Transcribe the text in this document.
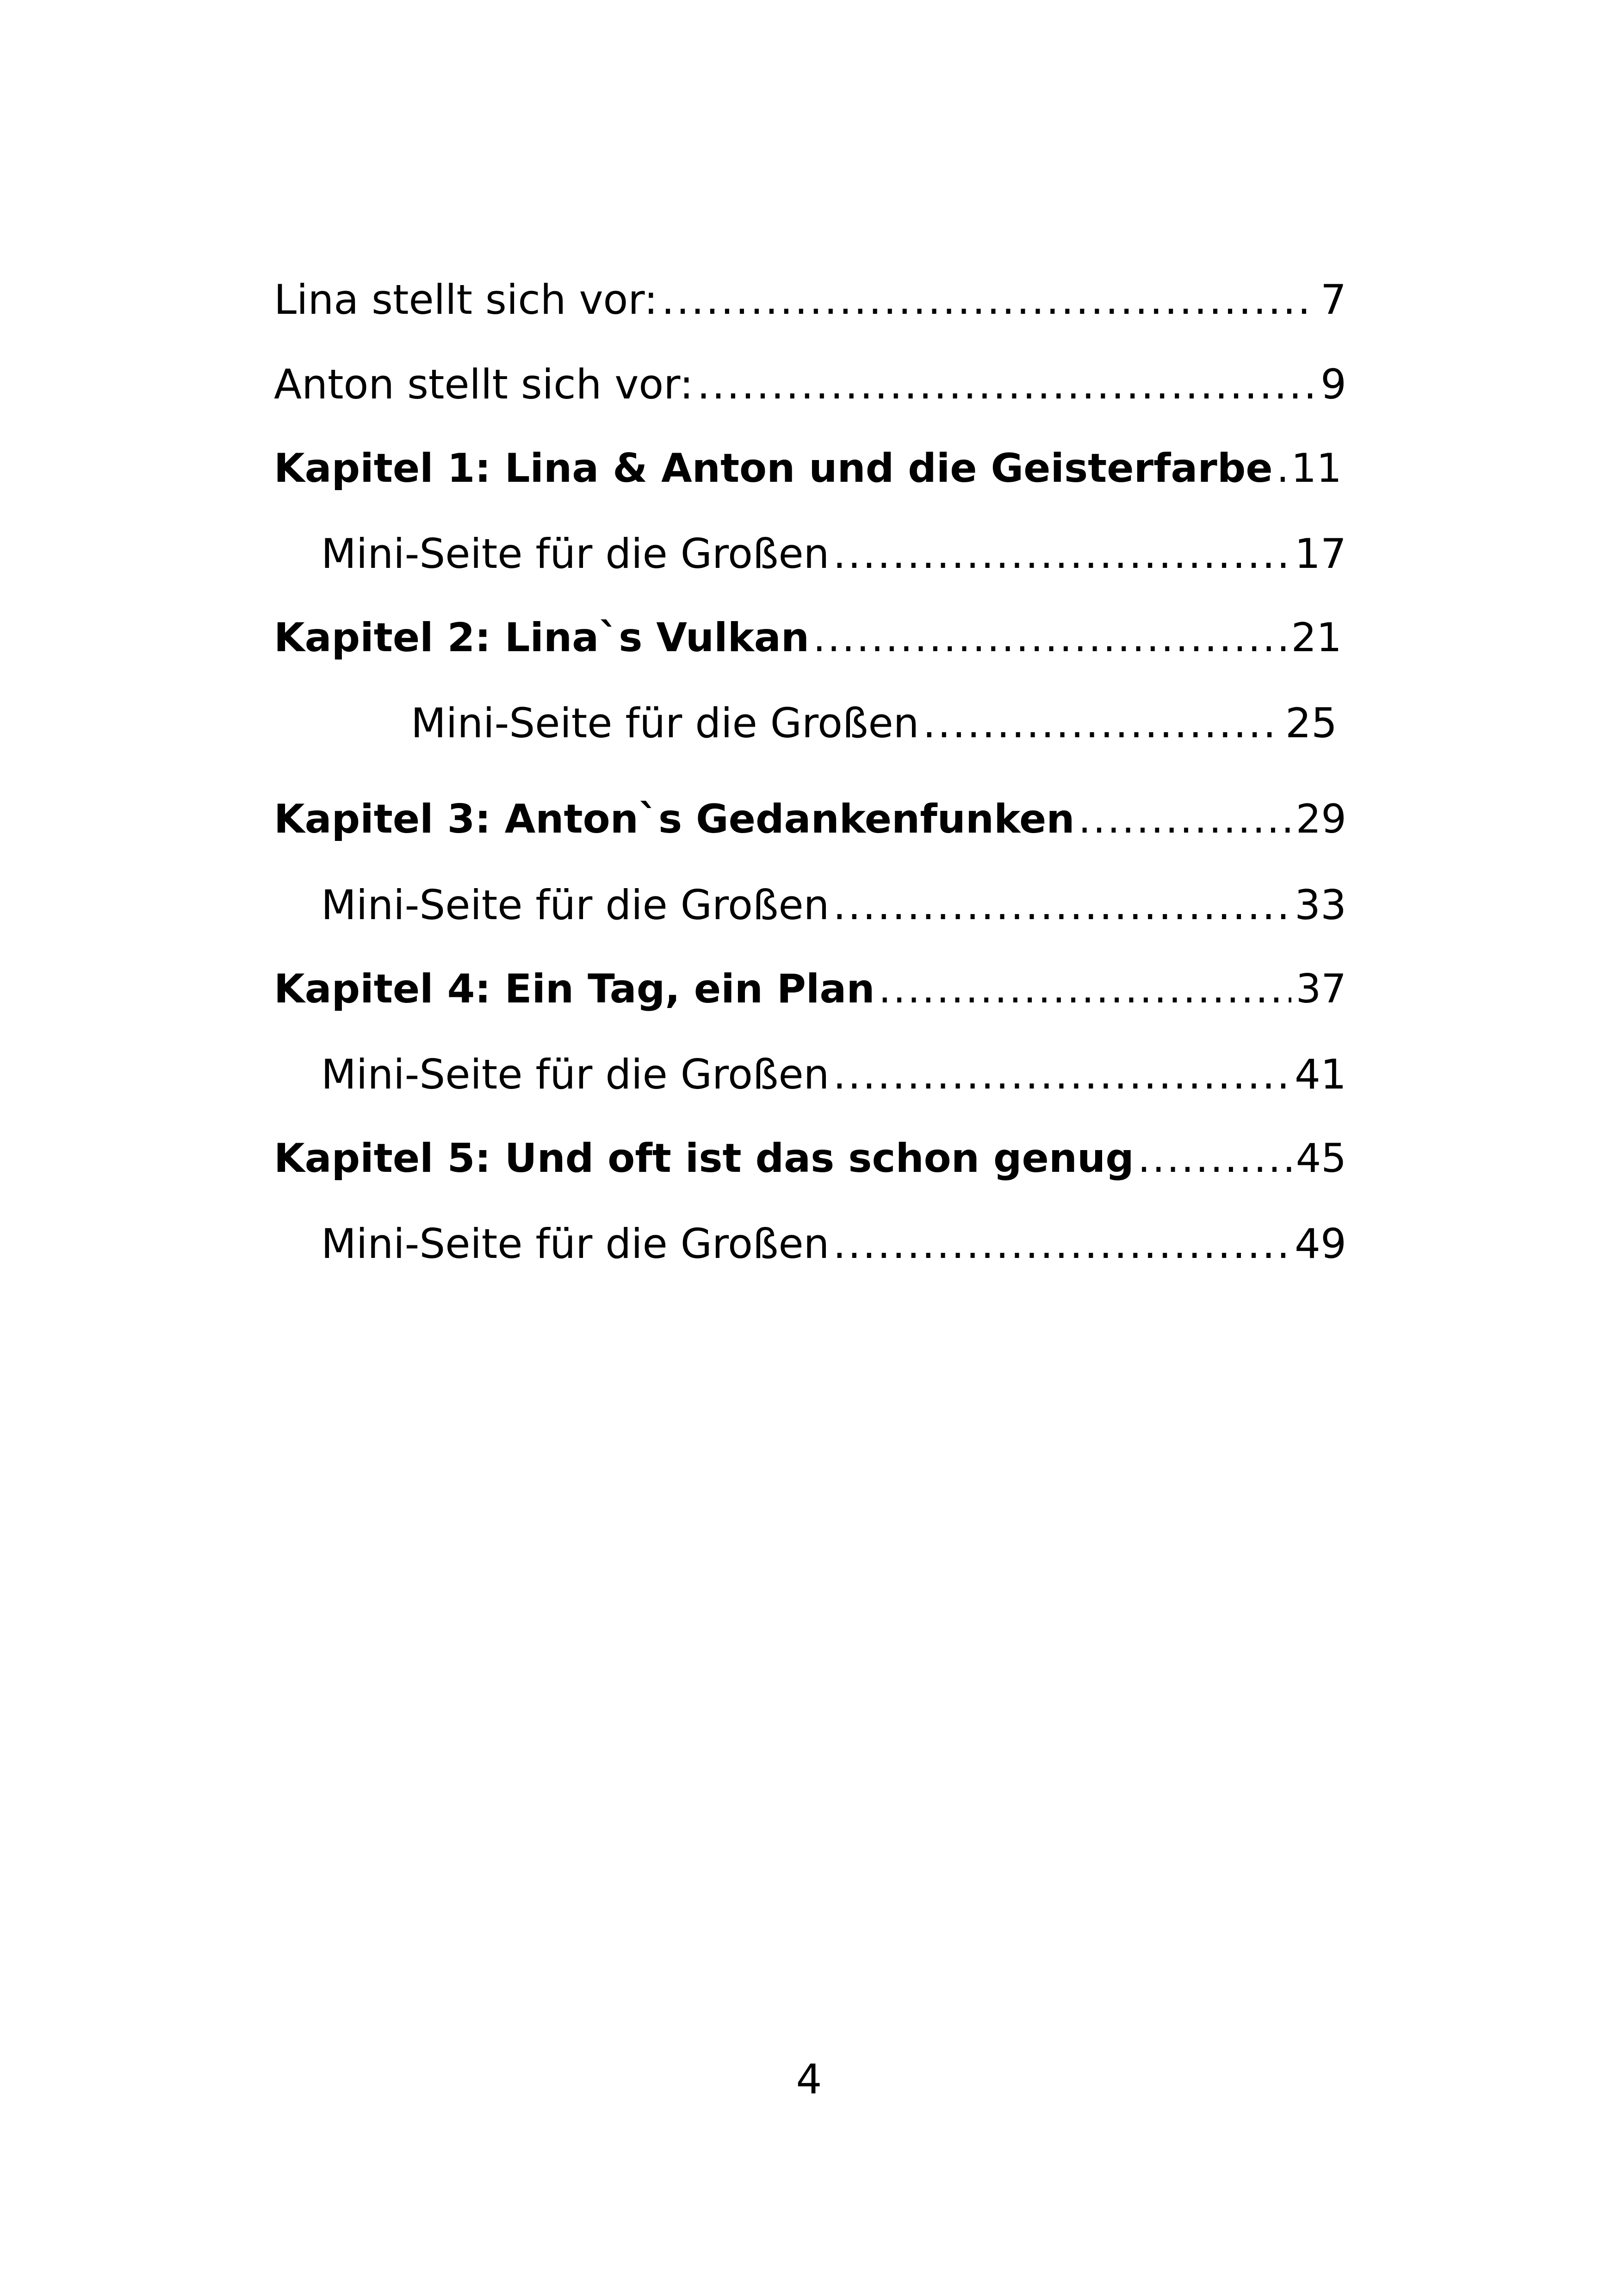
Lina stellt sich vor: .....	7
Anton stellt sich vor: .....	9
Kapitel 1: Lina & Anton und die Geisterfarbe ..... 11
Mini-Seite für die Großen .....	17
Kapitel 2: Lina`s Vulkan .....	21
Mini-Seite für die Großen .....	25
Kapitel 3: Anton`s Gedankenfunken .....	29
Mini-Seite für die Großen .....	33
Kapitel 4: Ein Tag, ein Plan .....	37
Mini-Seite für die Großen .....	41
Kapitel 5: Und oft ist das schon genug .....	45
Mini-Seite für die Großen .....	49
4
